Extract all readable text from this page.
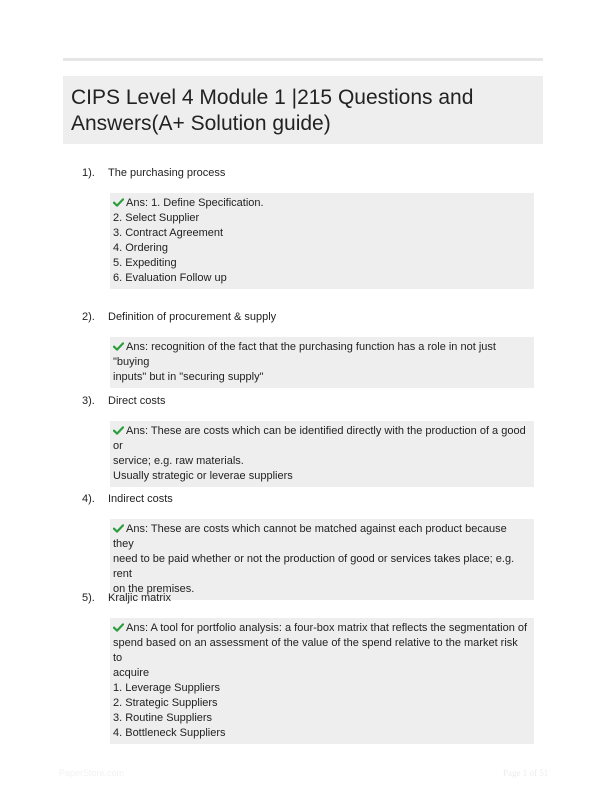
CIPS Level 4 Module 1 |215 Questions and Answers(A+ Solution guide)
1). The purchasing process
Ans: 1. Define Specification.
2. Select Supplier
3. Contract Agreement
4. Ordering
5. Expediting
6. Evaluation Follow up
2). Definition of procurement & supply
Ans: recognition of the fact that the purchasing function has a role in not just "buying
inputs" but in "securing supply"
3). Direct costs
Ans: These are costs which can be identified directly with the production of a good or
service; e.g. raw materials.
Usually strategic or leverae suppliers
4). Indirect costs
Ans: These are costs which cannot be matched against each product because they
need to be paid whether or not the production of good or services takes place; e.g. rent
on the premises.
5). Kraljic matrix
Ans: A tool for portfolio analysis: a four-box matrix that reflects the segmentation of
spend based on an assessment of the value of the spend relative to the market risk to
acquire
1. Leverage Suppliers
2. Strategic Suppliers
3. Routine Suppliers
4. Bottleneck Suppliers
PaperStore.com	Page 1 of 51
